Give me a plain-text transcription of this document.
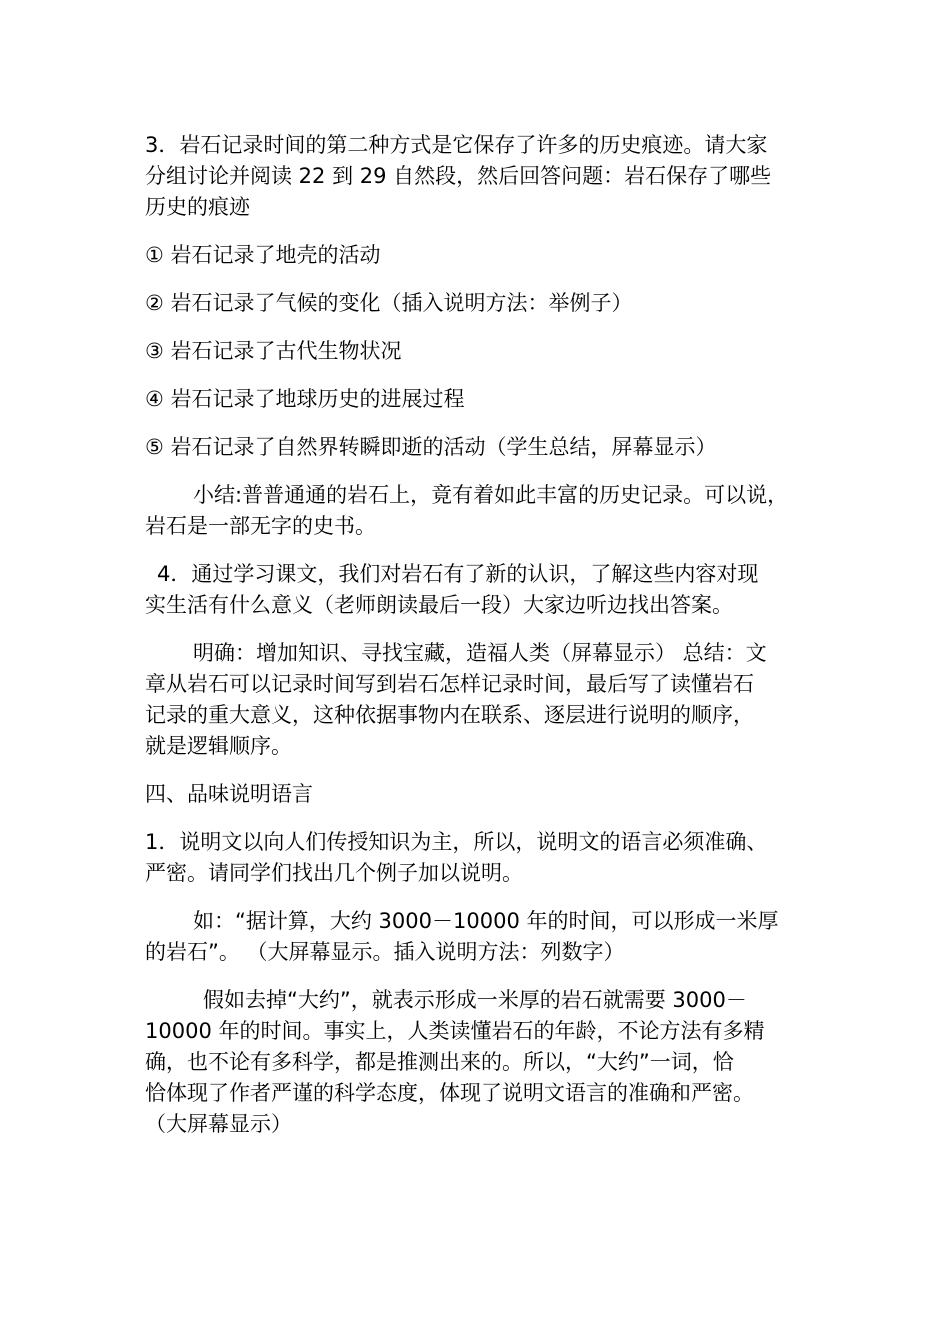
3．岩石记录时间的第二种方式是它保存了许多的历史痕迹。请大家
分组讨论并阅读 22 到 29 自然段，然后回答问题：岩石保存了哪些
历史的痕迹
① 岩石记录了地壳的活动
② 岩石记录了气候的变化（插入说明方法：举例子）
③ 岩石记录了古代生物状况
④ 岩石记录了地球历史的进展过程
⑤ 岩石记录了自然界转瞬即逝的活动（学生总结，屏幕显示）
小结:普普通通的岩石上，竟有着如此丰富的历史记录。可以说，
岩石是一部无字的史书。
4．通过学习课文，我们对岩石有了新的认识，了解这些内容对现
实生活有什么意义（老师朗读最后一段）大家边听边找出答案。
明确：增加知识、寻找宝藏，造福人类（屏幕显示） 总结：文
章从岩石可以记录时间写到岩石怎样记录时间，最后写了读懂岩石
记录的重大意义，这种依据事物内在联系、逐层进行说明的顺序，
就是逻辑顺序。
四、品味说明语言
1．说明文以向人们传授知识为主，所以，说明文的语言必须准确、
严密。请同学们找出几个例子加以说明。
如：“据计算，大约 3000－10000 年的时间，可以形成一米厚
的岩石”。 （大屏幕显示。插入说明方法：列数字）
假如去掉“大约”，就表示形成一米厚的岩石就需要 3000－
10000 年的时间。事实上，人类读懂岩石的年龄，不论方法有多精
确，也不论有多科学，都是推测出来的。所以，“大约”一词，恰
恰体现了作者严谨的科学态度，体现了说明文语言的准确和严密。
（大屏幕显示）
